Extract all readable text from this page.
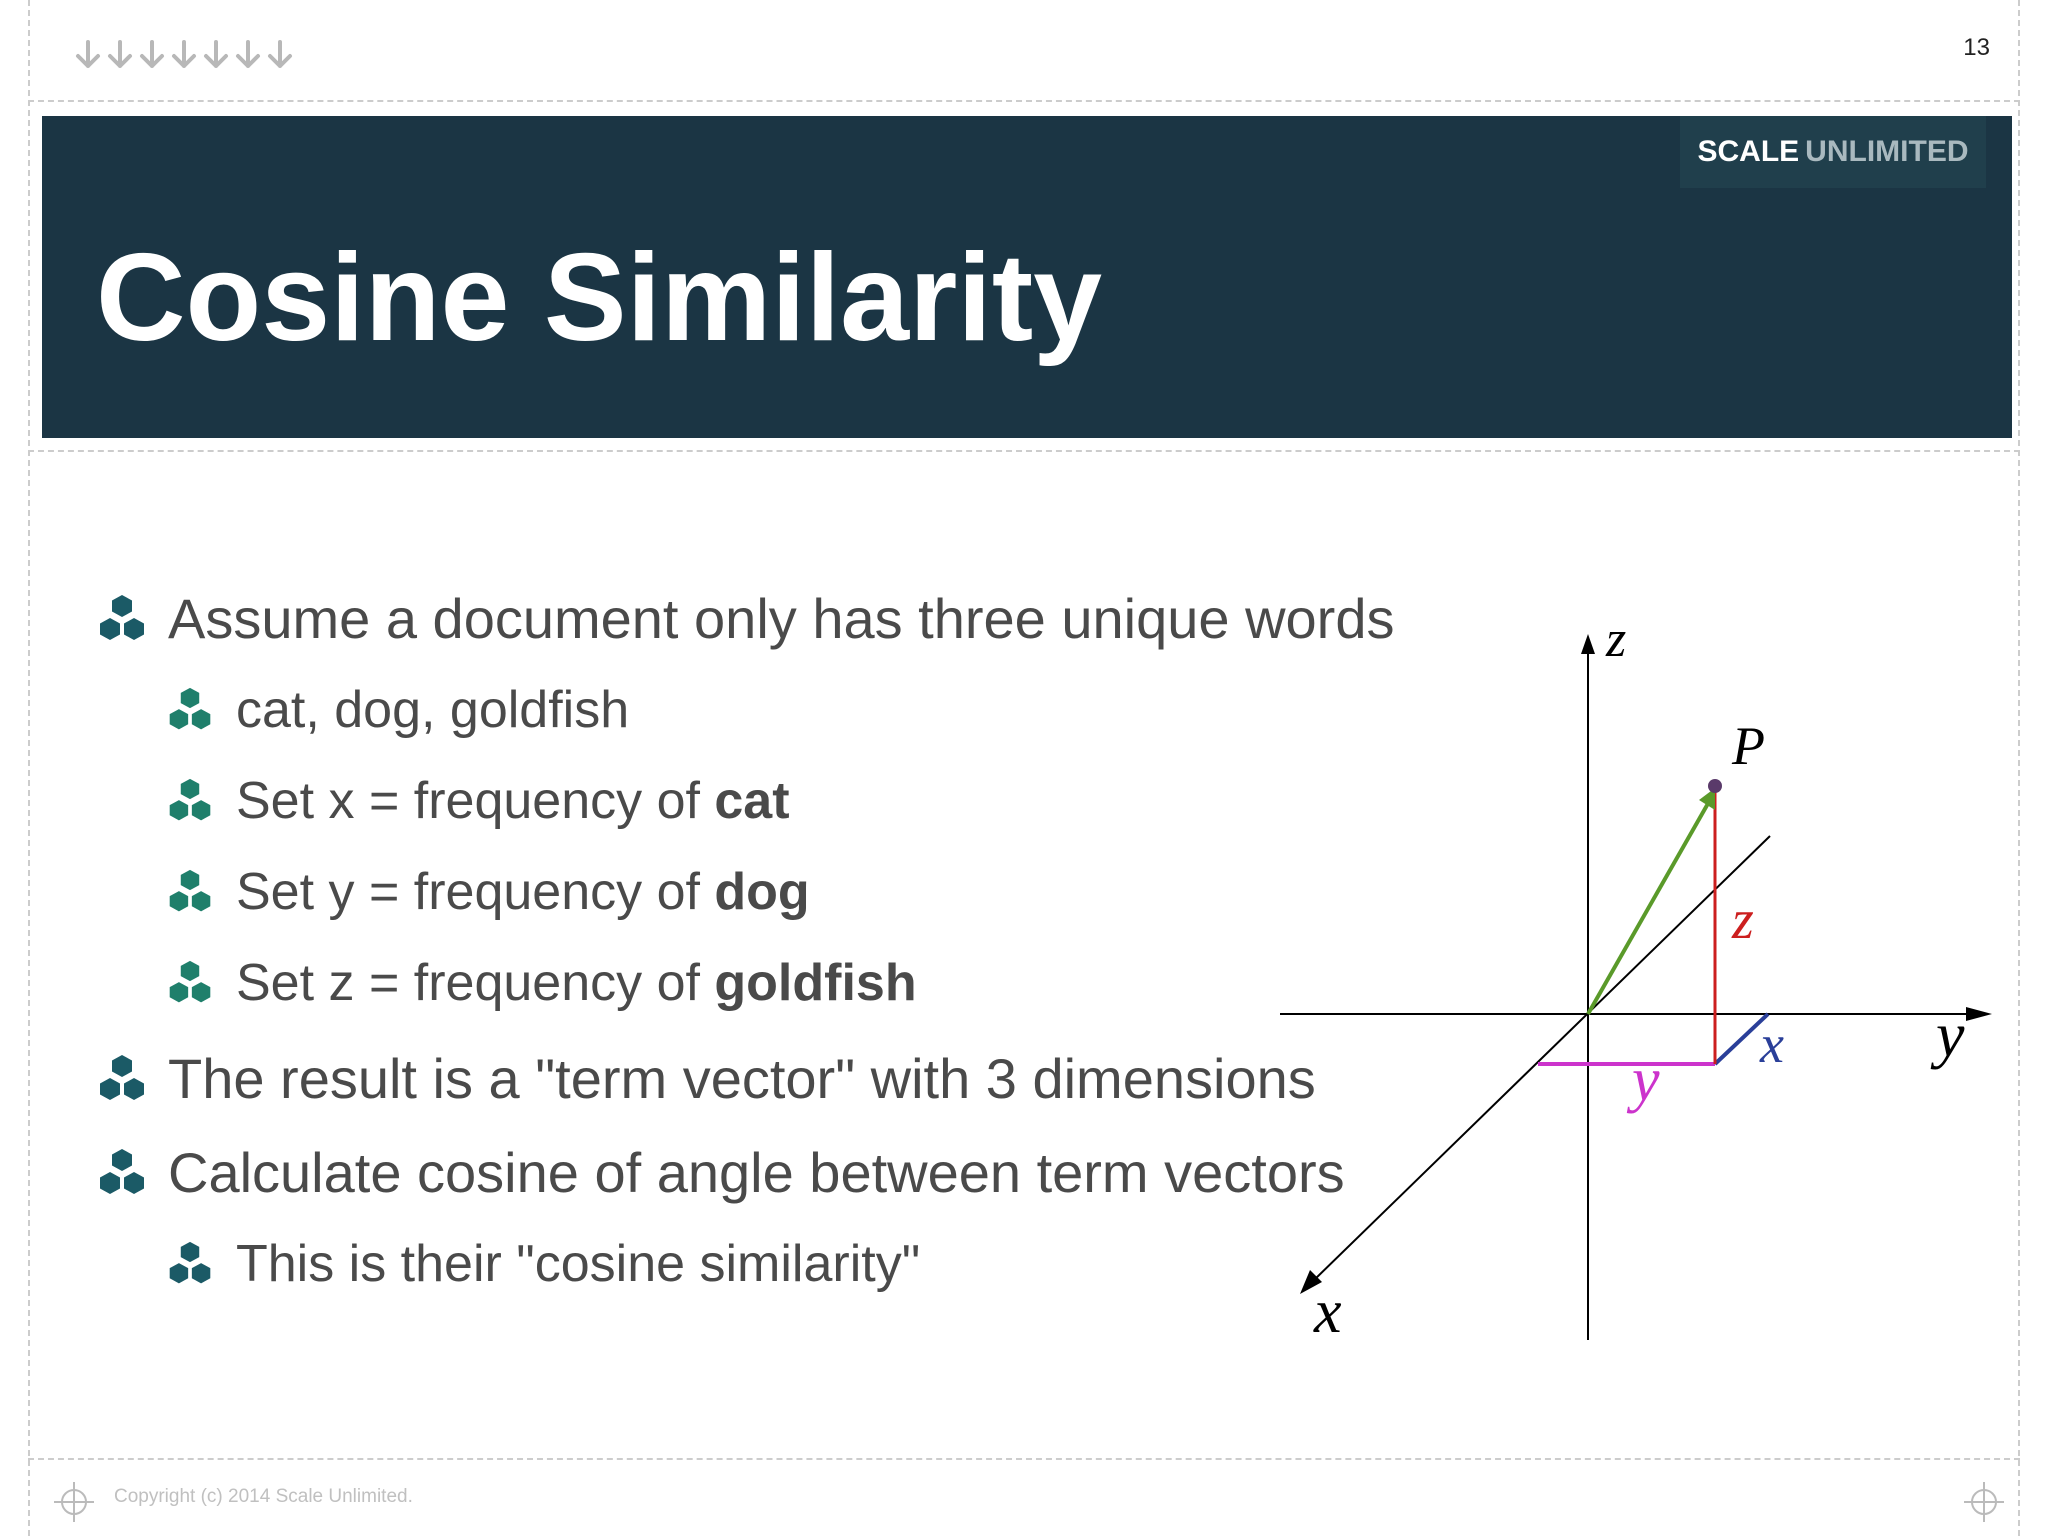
13
SCALE UNLIMITED
Cosine Similarity
Assume a document only has three unique words
cat, dog, goldfish
Set x = frequency of cat
Set y = frequency of dog
Set z = frequency of goldfish
The result is a "term vector" with 3 dimensions
Calculate cosine of angle between term vectors
This is their "cosine similarity"
z
P
z
x y
y
x
Copyright (c) 2014 Scale Unlimited.
